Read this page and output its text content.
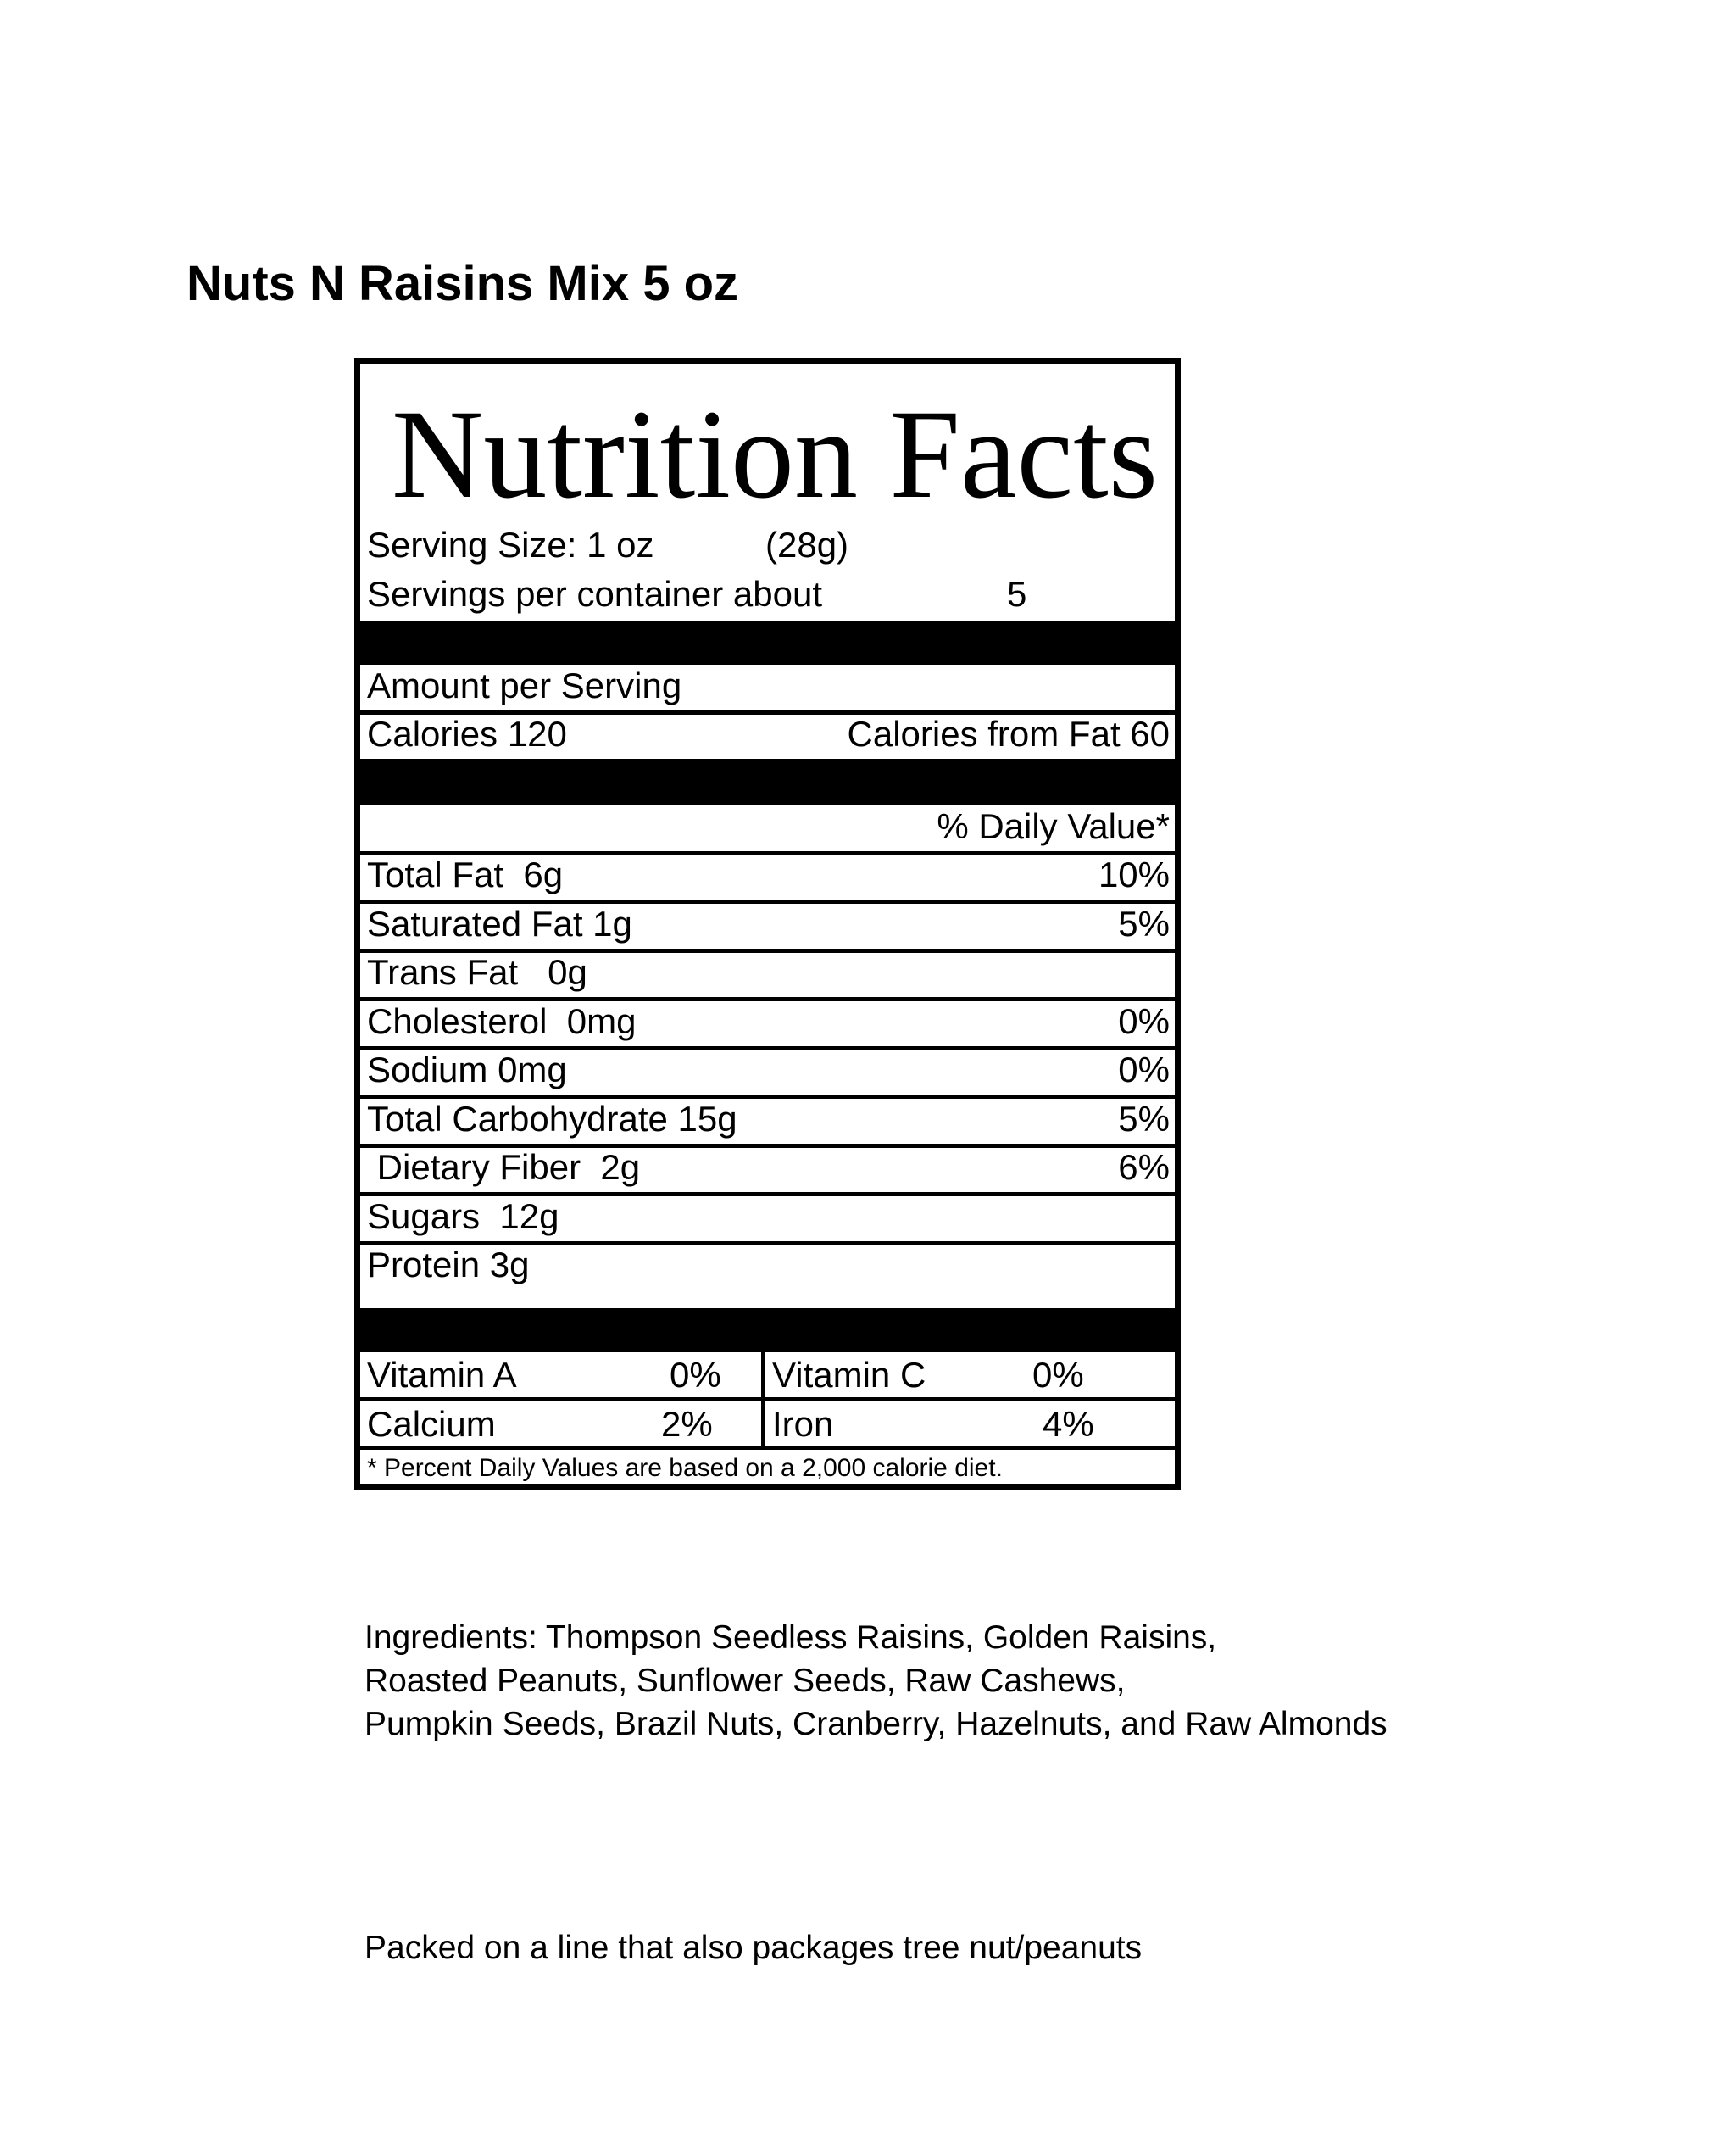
Nuts N Raisins Mix 5 oz
Nutrition Facts
Serving Size: 1 oz	(28g)
Servings per container about	5
Amount per Serving
Calories 120	Calories from Fat 60
% Daily Value*
Total Fat  6g	10%
Saturated Fat 1g	5%
Trans Fat   0g
Cholesterol  0mg	0%
Sodium 0mg	0%
Total Carbohydrate 15g	5%
Dietary Fiber  2g	6%
Sugars  12g
Protein 3g
Vitamin A	0% Vitamin C	0%
Calcium	2% Iron	4%
* Percent Daily Values are based on a 2,000 calorie diet.
Ingredients: Thompson Seedless Raisins, Golden Raisins,
Roasted Peanuts, Sunflower Seeds, Raw Cashews,
Pumpkin Seeds, Brazil Nuts, Cranberry, Hazelnuts, and Raw Almonds
Packed on a line that also packages tree nut/peanuts
